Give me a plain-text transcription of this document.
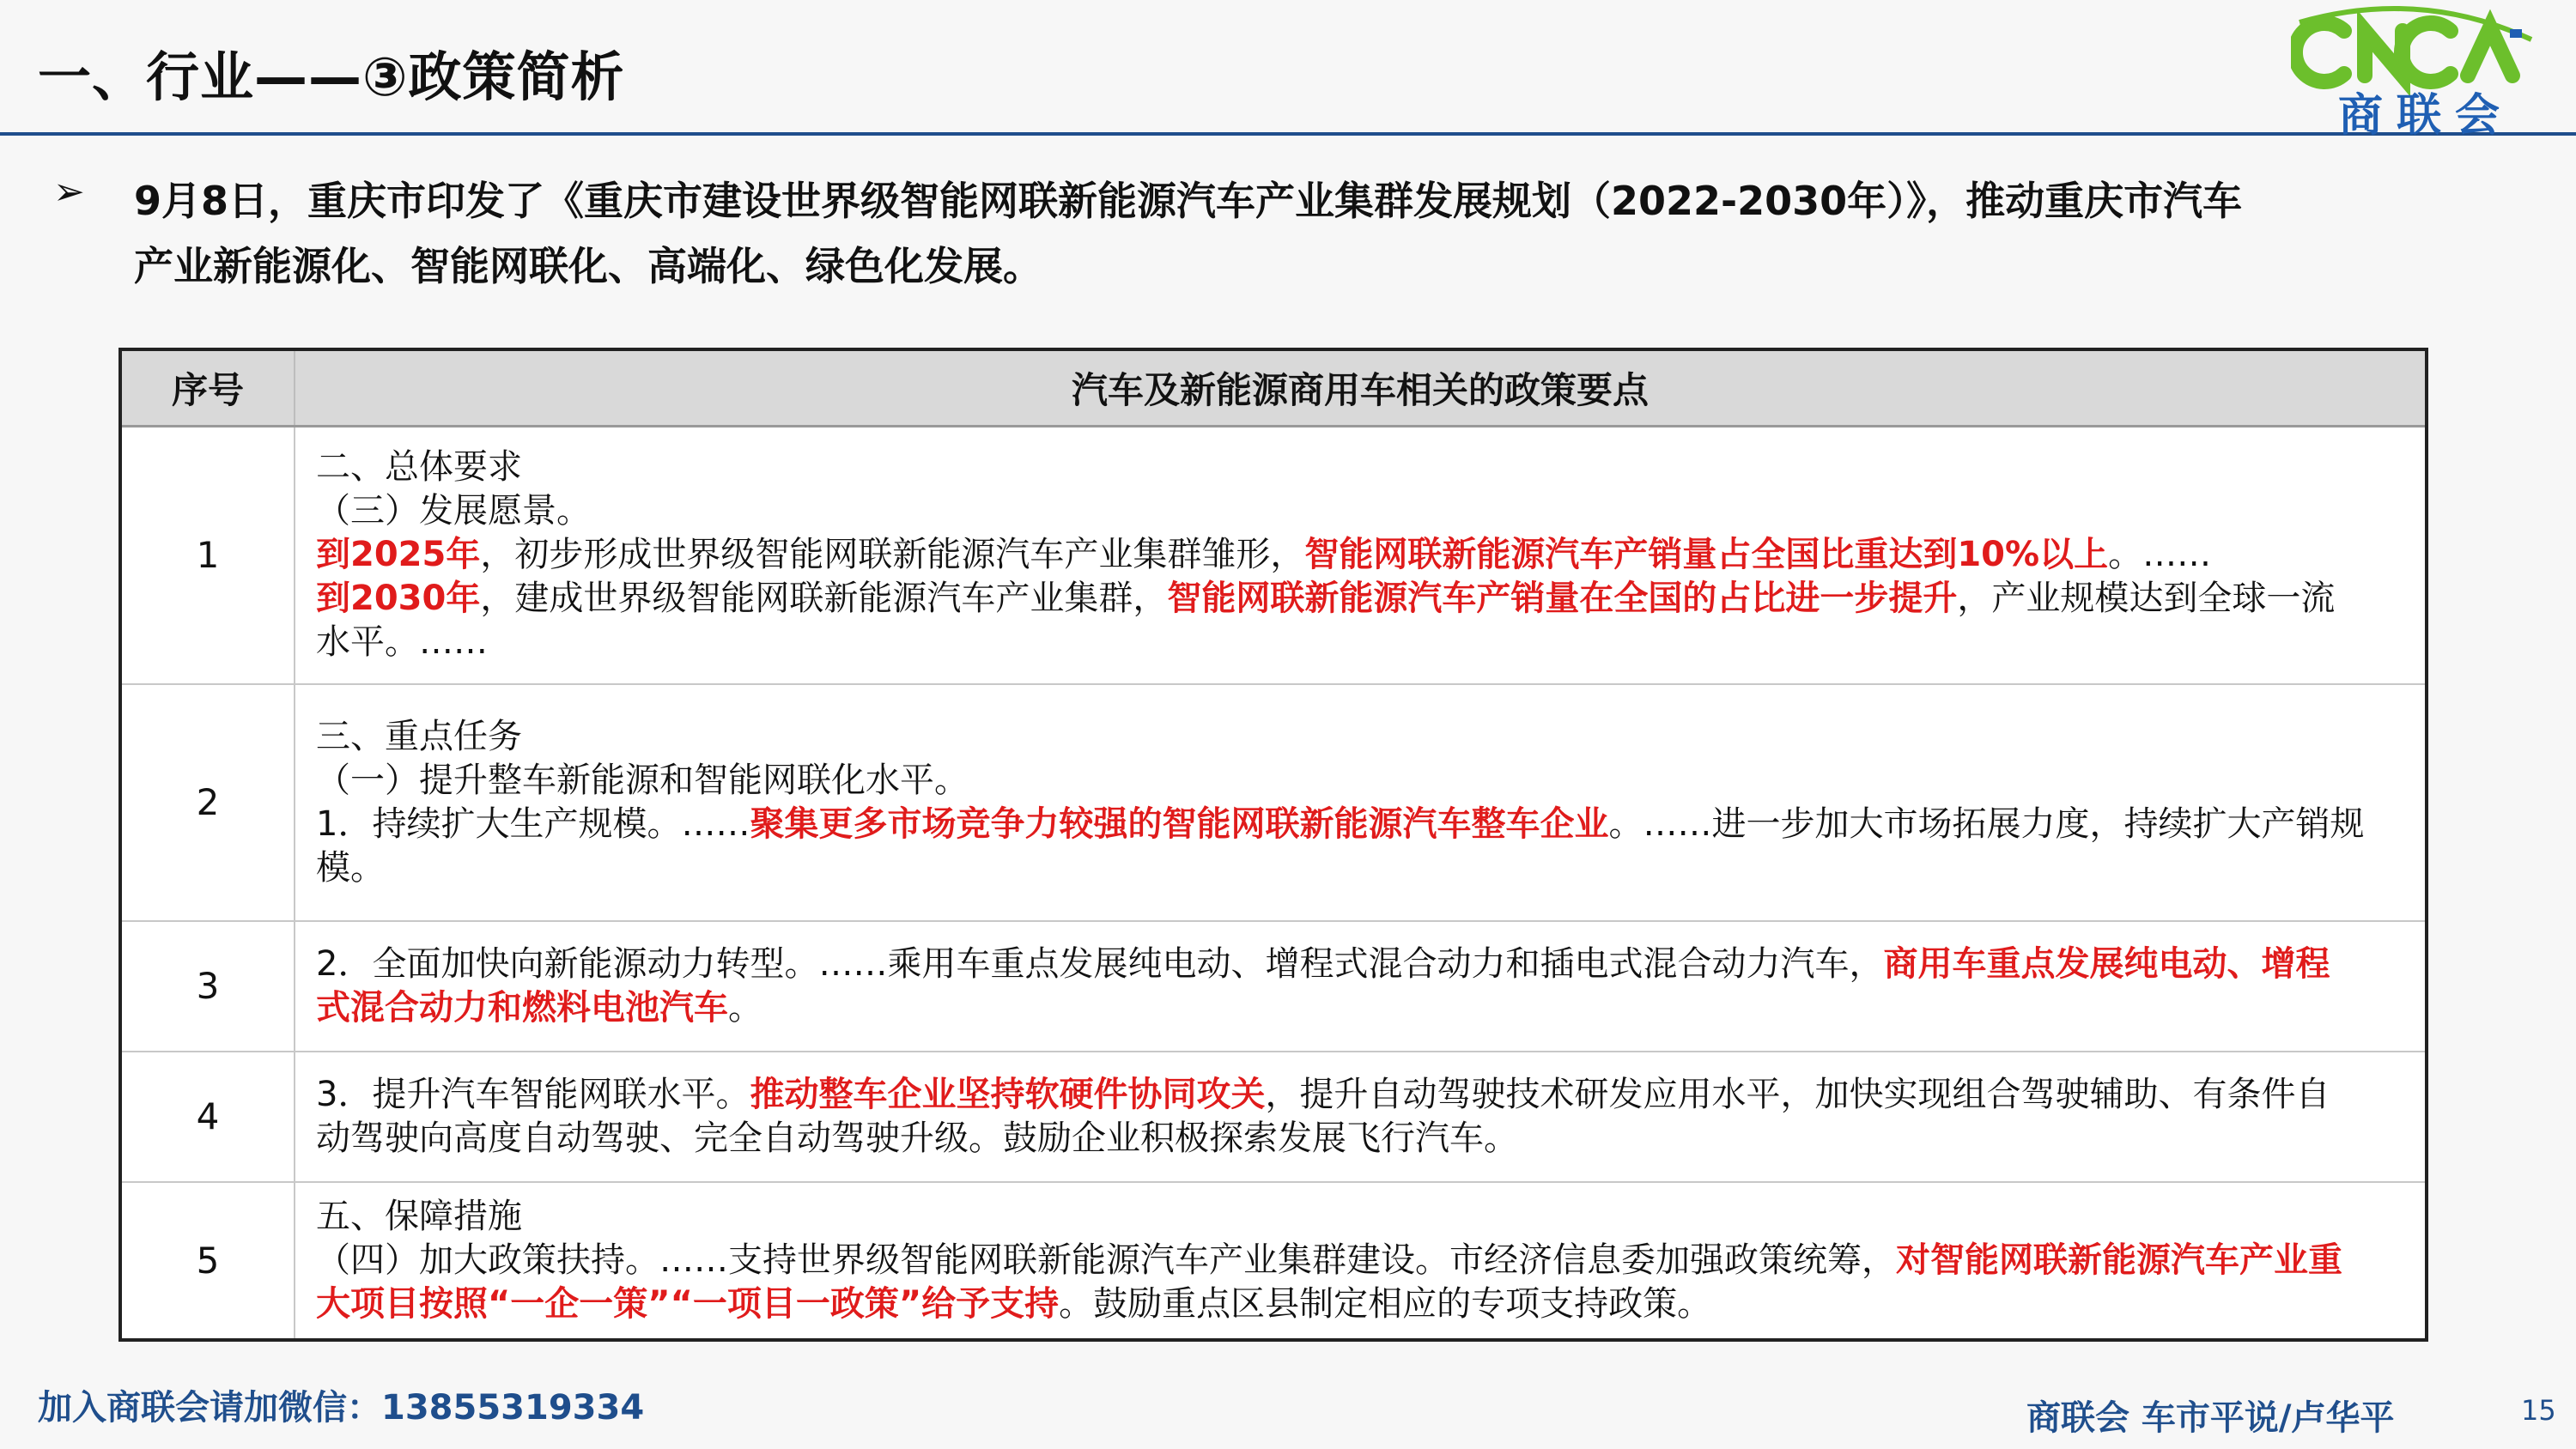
一、行业——③政策简析
商联会
➢ 9月8日，重庆市印发了《重庆市建设世界级智能网联新能源汽车产业集群发展规划（2022-2030年）》，推动重庆市汽车
产业新能源化、智能网联化、高端化、绿色化发展。
序号	汽车及新能源商用车相关的政策要点
1	二、总体要求
（三）发展愿景。
到2025年，初步形成世界级智能网联新能源汽车产业集群雏形，智能网联新能源汽车产销量占全国比重达到10%以上。……
到2030年，建成世界级智能网联新能源汽车产业集群，智能网联新能源汽车产销量在全国的占比进一步提升，产业规模达到全球一流
水平。……

2	三、重点任务
（一）提升整车新能源和智能网联化水平。
1．持续扩大生产规模。……聚集更多市场竞争力较强的智能网联新能源汽车整车企业。……进一步加大市场拓展力度，持续扩大产销规
模。

3	2．全面加快向新能源动力转型。……乘用车重点发展纯电动、增程式混合动力和插电式混合动力汽车，商用车重点发展纯电动、增程
式混合动力和燃料电池汽车。

4	3．提升汽车智能网联水平。推动整车企业坚持软硬件协同攻关，提升自动驾驶技术研发应用水平，加快实现组合驾驶辅助、有条件自
动驾驶向高度自动驾驶、完全自动驾驶升级。鼓励企业积极探索发展飞行汽车。

5	五、保障措施
（四）加大政策扶持。……支持世界级智能网联新能源汽车产业集群建设。市经济信息委加强政策统筹，对智能网联新能源汽车产业重
大项目按照“一企一策”“一项目一政策”给予支持。鼓励重点区县制定相应的专项支持政策。
加入商联会请加微信：13855319334	商联会 车市平说/卢华平	15
